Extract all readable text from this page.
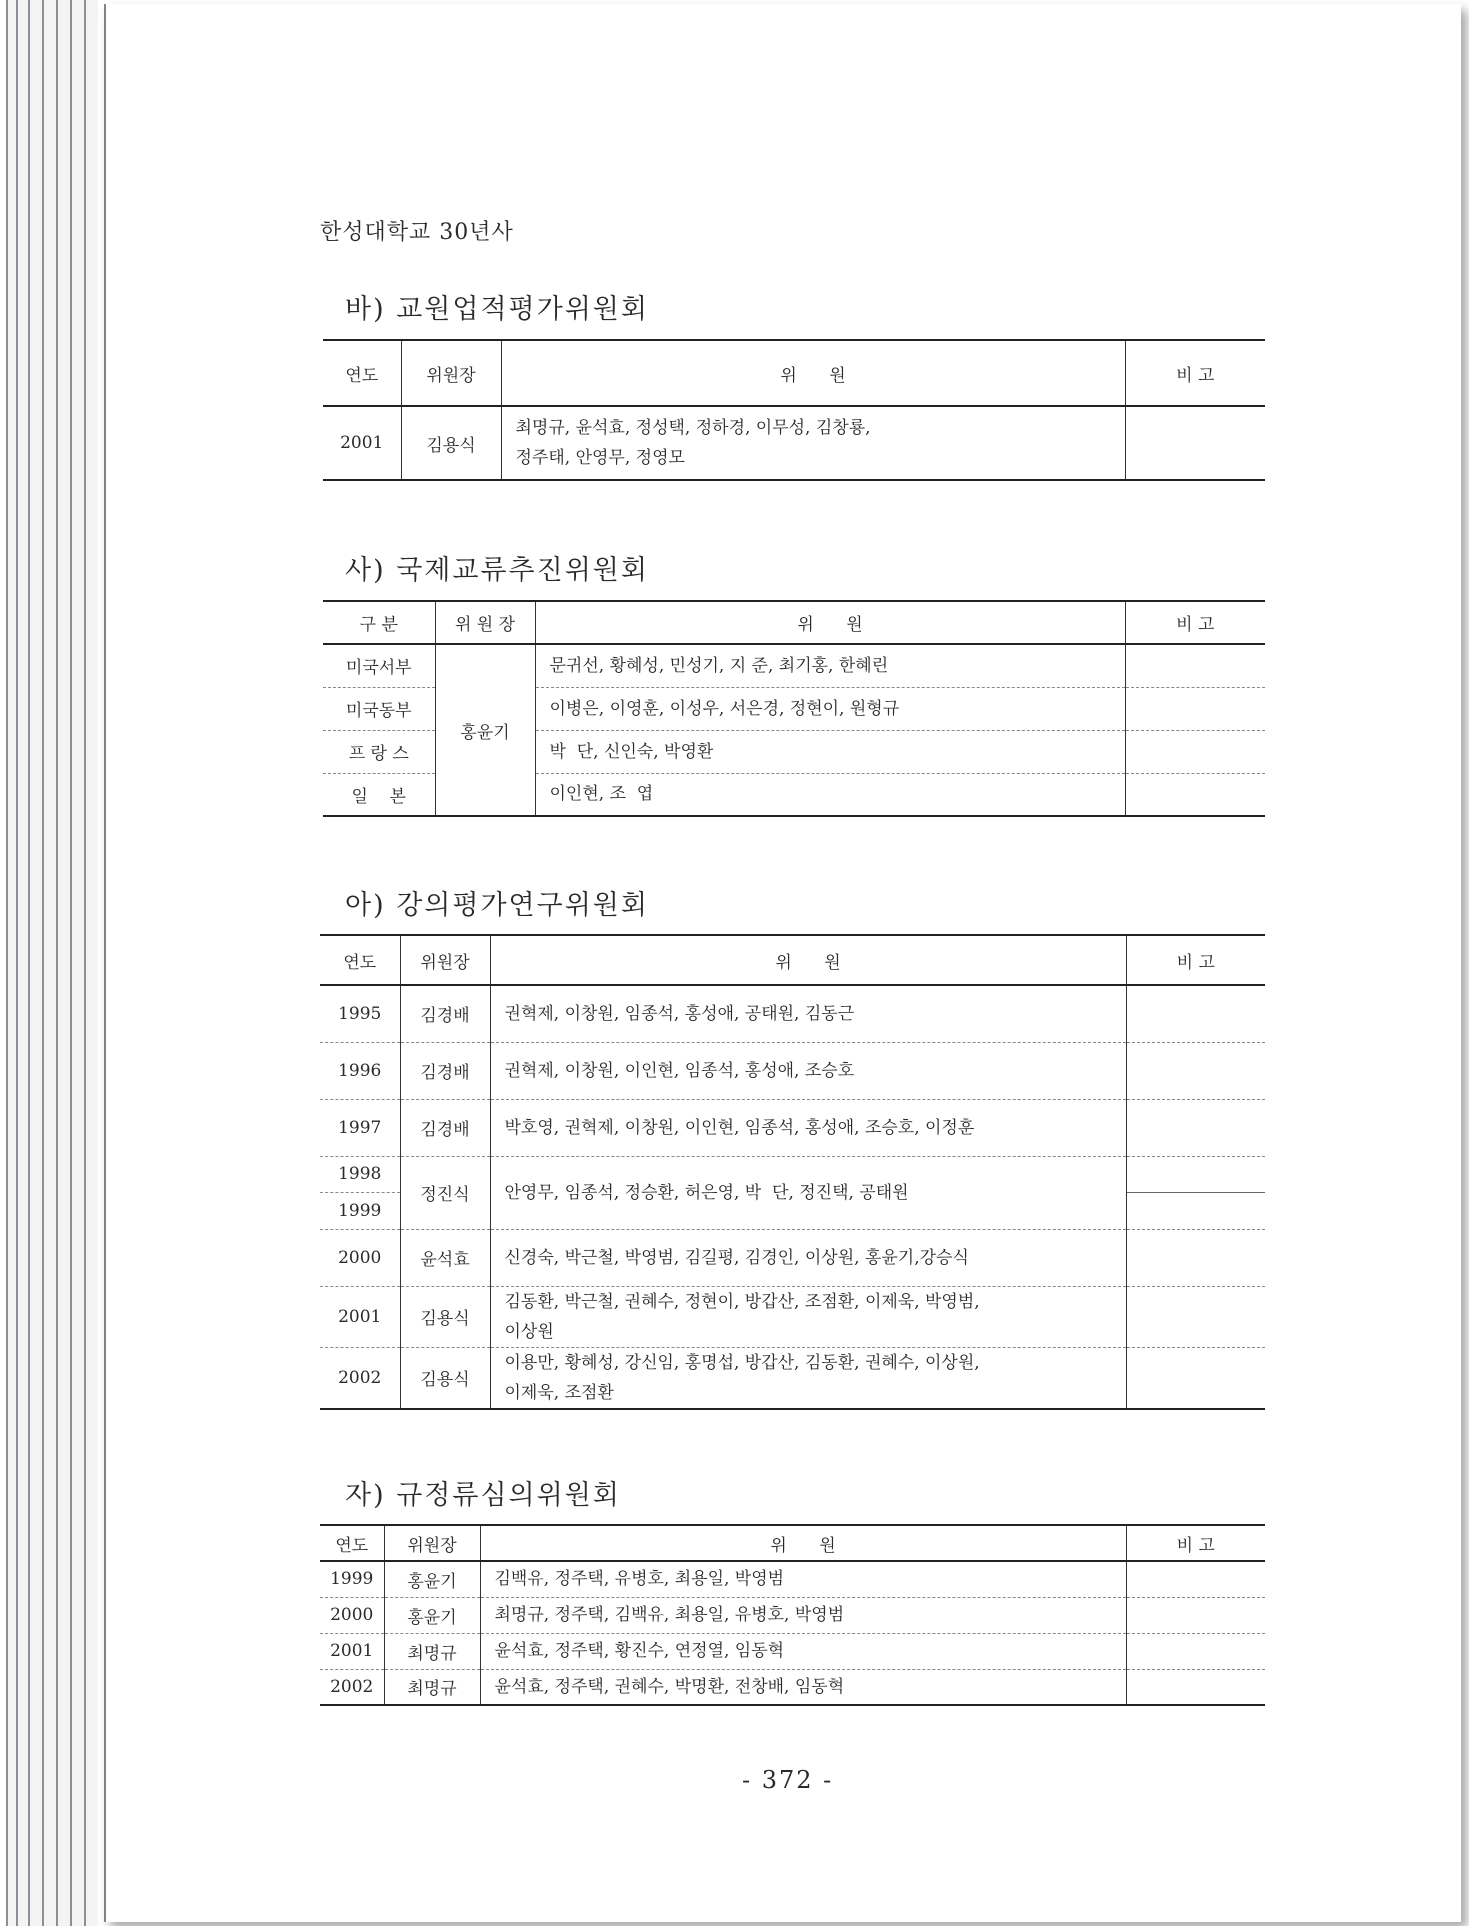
한성대학교 30년사
바) 교원업적평가위원회
연도	위원장	위      원	비 고
2001	김용식	최명규, 윤석효, 정성택, 정하경, 이무성, 김창룡,
정주태, 안영무, 정영모	

사) 국제교류추진위원회
구 분	위 원 장	위      원	비 고
미국서부	홍윤기	문귀선, 황혜성, 민성기, 지 준, 최기홍, 한혜린	
미국동부		이병은, 이영훈, 이성우, 서은경, 정현이, 원형규	
프 랑 스		박  단, 신인숙, 박영환	
일    본		이인현, 조  엽	
아) 강의평가연구위원회
연도	위원장	위      원	비 고
1995	김경배	권혁제, 이창원, 임종석, 홍성애, 공태원, 김동근	
1996	김경배	권혁제, 이창원, 이인현, 임종석, 홍성애, 조승호	
1997	김경배	박호영, 권혁제, 이창원, 이인현, 임종석, 홍성애, 조승호, 이정훈	

1998
1999	정진식	안영무, 임종석, 정승환, 허은영, 박  단, 정진택, 공태원	

2000	윤석효	신경숙, 박근철, 박영범, 김길평, 김경인, 이상원, 홍윤기,강승식	
2001	김용식	김동환, 박근철, 권혜수, 정현이, 방갑산, 조점환, 이제욱, 박영범,
이상원	

2002	김용식	이용만, 황혜성, 강신임, 홍명섭, 방갑산, 김동환, 권혜수, 이상원,
이제욱, 조점환	

자) 규정류심의위원회
연도	위원장	위      원	비 고
1999	홍윤기	김백유, 정주택, 유병호, 최용일, 박영범	
2000	홍윤기	최명규, 정주택, 김백유, 최용일, 유병호, 박영범	
2001	최명규	윤석효, 정주택, 황진수, 연정열, 임동혁	
2002	최명규	윤석효, 정주택, 권혜수, 박명환, 전창배, 임동혁	
- 372 -
